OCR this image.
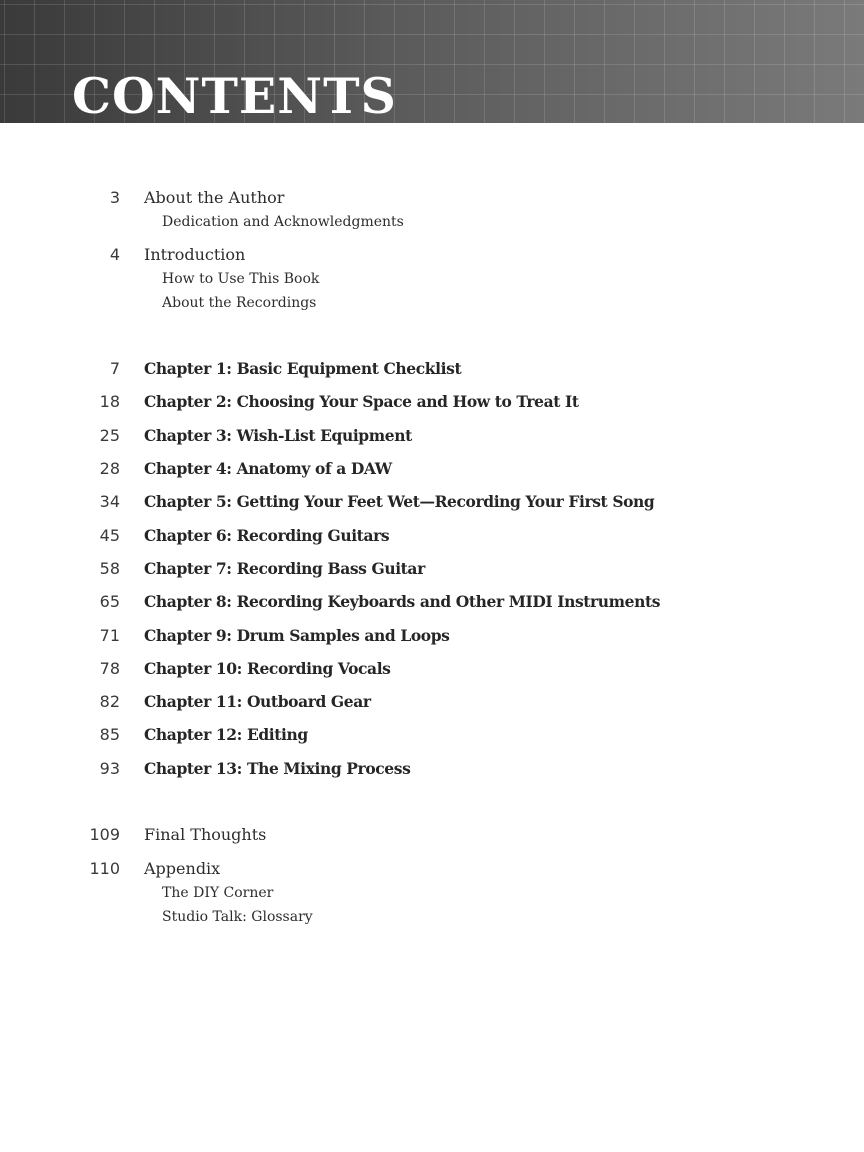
CONTENTS
3 About the Author
Dedication and Acknowledgments
4 Introduction
How to Use This Book
About the Recordings
7 Chapter 1: Basic Equipment Checklist
18 Chapter 2: Choosing Your Space and How to Treat It
25 Chapter 3: Wish-List Equipment
28 Chapter 4: Anatomy of a DAW
34 Chapter 5: Getting Your Feet Wet—Recording Your First Song
45 Chapter 6: Recording Guitars
58 Chapter 7: Recording Bass Guitar
65 Chapter 8: Recording Keyboards and Other MIDI Instruments
71 Chapter 9: Drum Samples and Loops
78 Chapter 10: Recording Vocals
82 Chapter 11: Outboard Gear
85 Chapter 12: Editing
93 Chapter 13: The Mixing Process
109 Final Thoughts
110 Appendix
The DIY Corner
Studio Talk: Glossary
